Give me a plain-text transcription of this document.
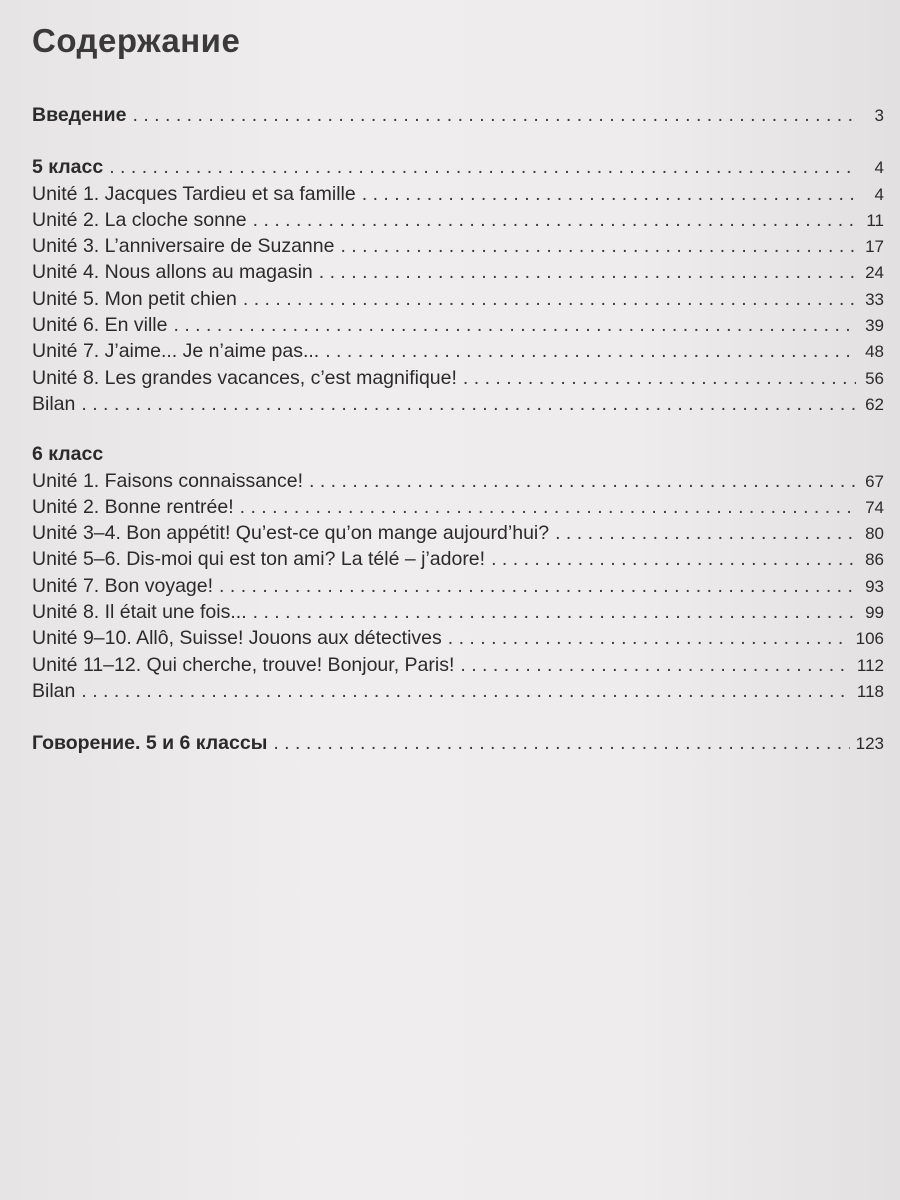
Содержание
Введение . . .	3
5 класс . . .	4
Unité 1. Jacques Tardieu et sa famille . . .	4
Unité 2. La cloche sonne . . .	11
Unité 3. L’anniversaire de Suzanne . . .	17
Unité 4. Nous allons au magasin . . .	24
Unité 5. Mon petit chien . . .	33
Unité 6. En ville . . .	39
Unité 7. J’aime... Je n’aime pas... . . .	48
Unité 8. Les grandes vacances, c’est magnifique! . . .	56
Bilan . . .	62
6 класс
Unité 1. Faisons connaissance! . . .	67
Unité 2. Bonne rentrée! . . .	74
Unité 3–4. Bon appétit! Qu’est-ce qu’on mange aujourd’hui? . . .	80
Unité 5–6. Dis-moi qui est ton ami? La télé – j’adore! . . .	86
Unité 7. Bon voyage! . . .	93
Unité 8. Il était une fois... . . .	99
Unité 9–10. Allô, Suisse! Jouons aux détectives . . .	106
Unité 11–12. Qui cherche, trouve! Bonjour, Paris! . . .	112
Bilan . . .	118
Говорение. 5 и 6 классы . . .	123
